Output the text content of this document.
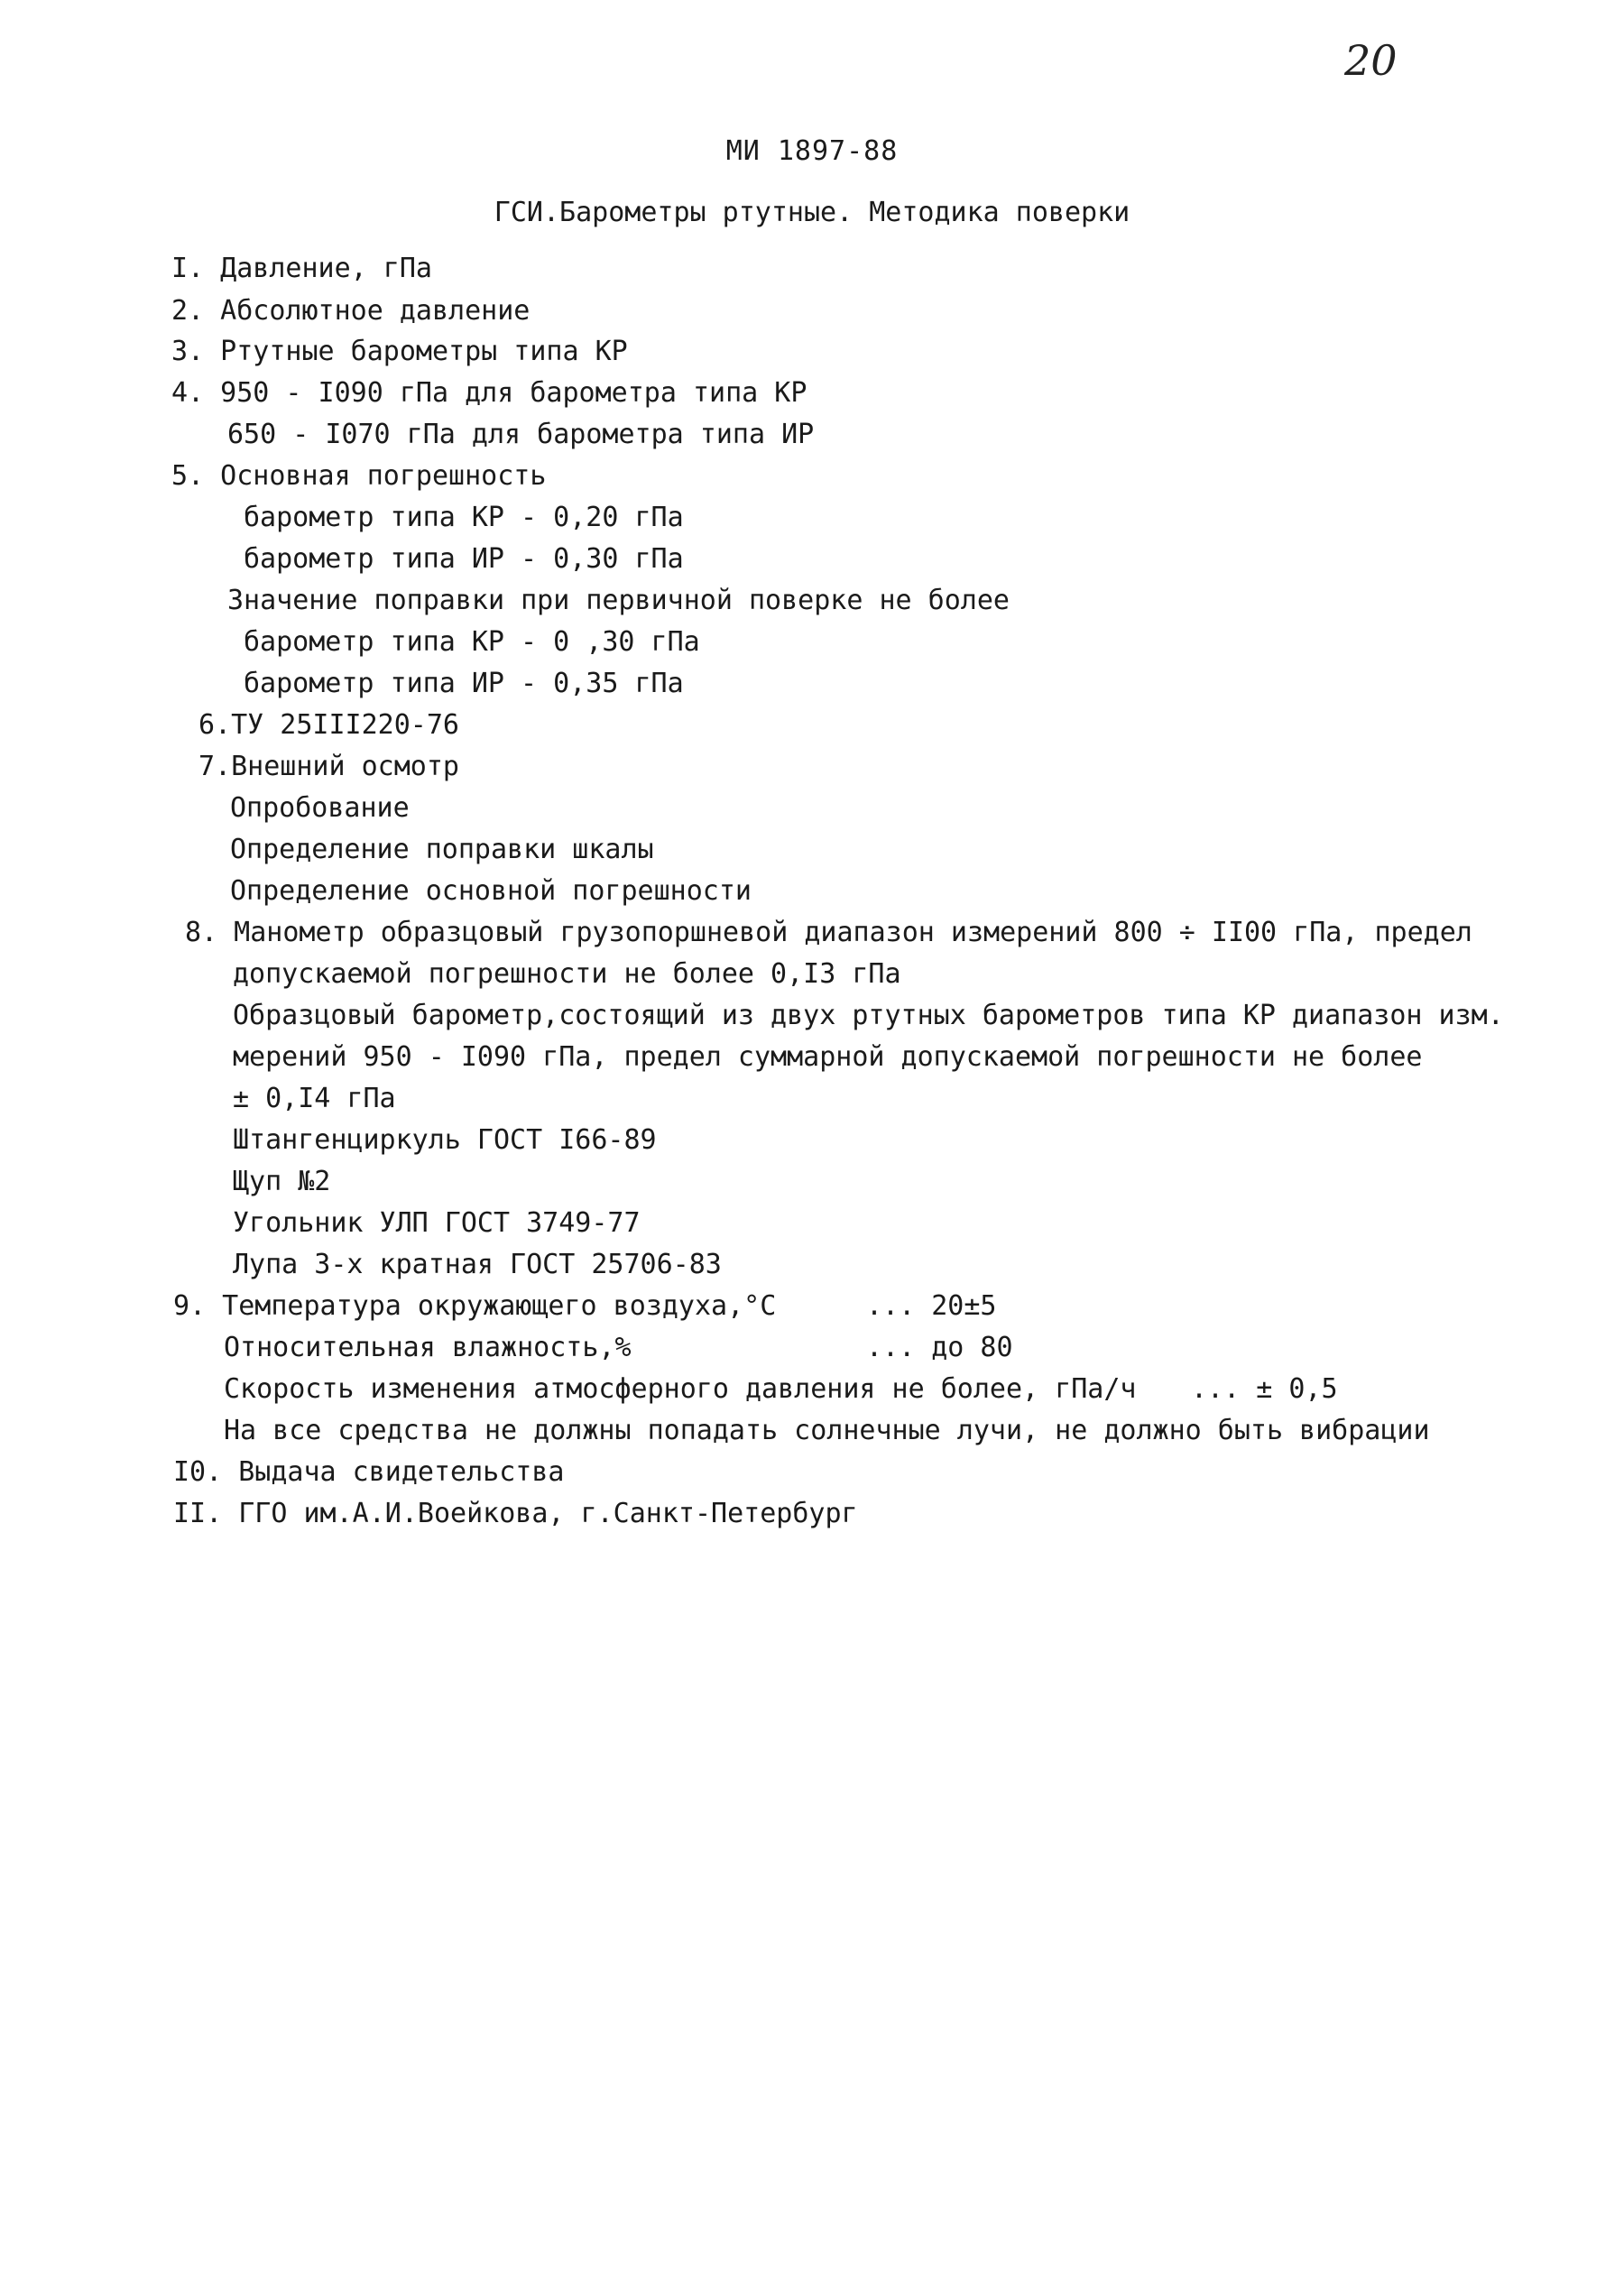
20
МИ 1897-88
ГСИ.Барометры ртутные. Методика поверки
I. Давление, гПа
2. Абсолютное давление
3. Ртутные барометры типа КР
4. 950 - I090 гПа для барометра типа КР
650 - I070 гПа для барометра типа ИР
5. Основная погрешность
барометр типа КР - 0,20 гПа
барометр типа ИР - 0,30 гПа
Значение поправки при первичной поверке не более
барометр типа КР - 0 ,30 гПа
барометр типа ИР - 0,35 гПа
6.ТУ 25III220-76
7.Внешний осмотр
Опробование
Определение поправки шкалы
Определение основной погрешности
8. Манометр образцовый грузопоршневой диапазон измерений 800 ÷ II00 гПа, предел
допускаемой погрешности не более 0,I3 гПа
Образцовый барометр,состоящий из двух ртутных барометров типа КР диапазон изм.
мерений 950 - I090 гПа, предел суммарной допускаемой погрешности не более
± 0,I4 гПа
Штангенциркуль ГОСТ I66-89
Щуп №2
Угольник УЛП ГОСТ 3749-77
Лупа 3-х кратная ГОСТ 25706-83
9. Температура окружающего воздуха,°С	... 20±5
Относительная влажность,%	... до 80
Скорость изменения атмосферного давления не более, гПа/ч ... ± 0,5
На все средства не должны попадать солнечные лучи, не должно быть вибрации
I0. Выдача свидетельства
II. ГГО им.А.И.Воейкова, г.Санкт-Петербург
